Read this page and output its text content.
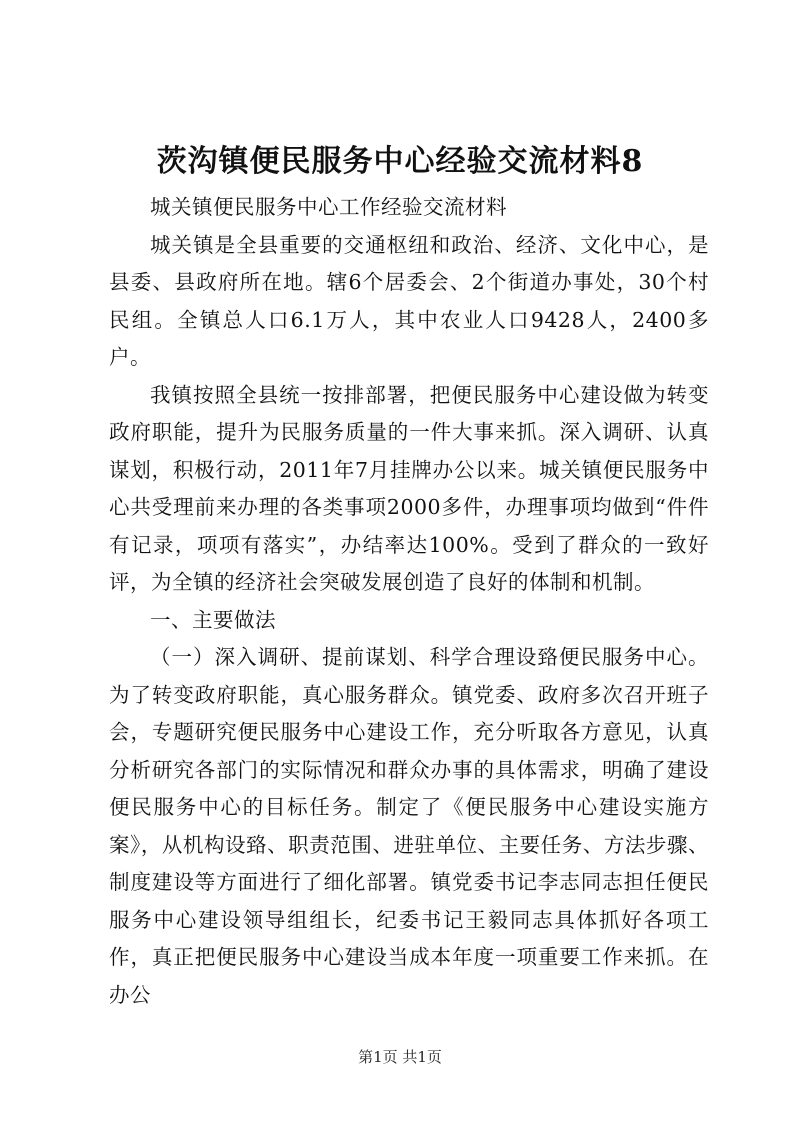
茨沟镇便民服务中心经验交流材料8

城关镇便民服务中心工作经验交流材料

城关镇是全县重要的交通枢纽和政治、经济、文化中心，是县委、县政府所在地。辖6个居委会、2个街道办事处，30个村民组。全镇总人口6.1万人，其中农业人口9428人，2400多户。

我镇按照全县统一按排部署，把便民服务中心建设做为转变政府职能，提升为民服务质量的一件大事来抓。深入调研、认真谋划，积极行动，2011年7月挂牌办公以来。城关镇便民服务中心共受理前来办理的各类事项2000多件，办理事项均做到“件件有记录，项项有落实”，办结率达100%。受到了群众的一致好评，为全镇的经济社会突破发展创造了良好的体制和机制。

一、主要做法

（一）深入调研、提前谋划、科学合理设臵便民服务中心。为了转变政府职能，真心服务群众。镇党委、政府多次召开班子会，专题研究便民服务中心建设工作，充分听取各方意见，认真分析研究各部门的实际情况和群众办事的具体需求，明确了建设便民服务中心的目标任务。制定了《便民服务中心建设实施方案》，从机构设臵、职责范围、进驻单位、主要任务、方法步骤、制度建设等方面进行了细化部署。镇党委书记李志同志担任便民服务中心建设领导组组长，纪委书记王毅同志具体抓好各项工作，真正把便民服务中心建设当成本年度一项重要工作来抓。在办公

第1页 共1页
